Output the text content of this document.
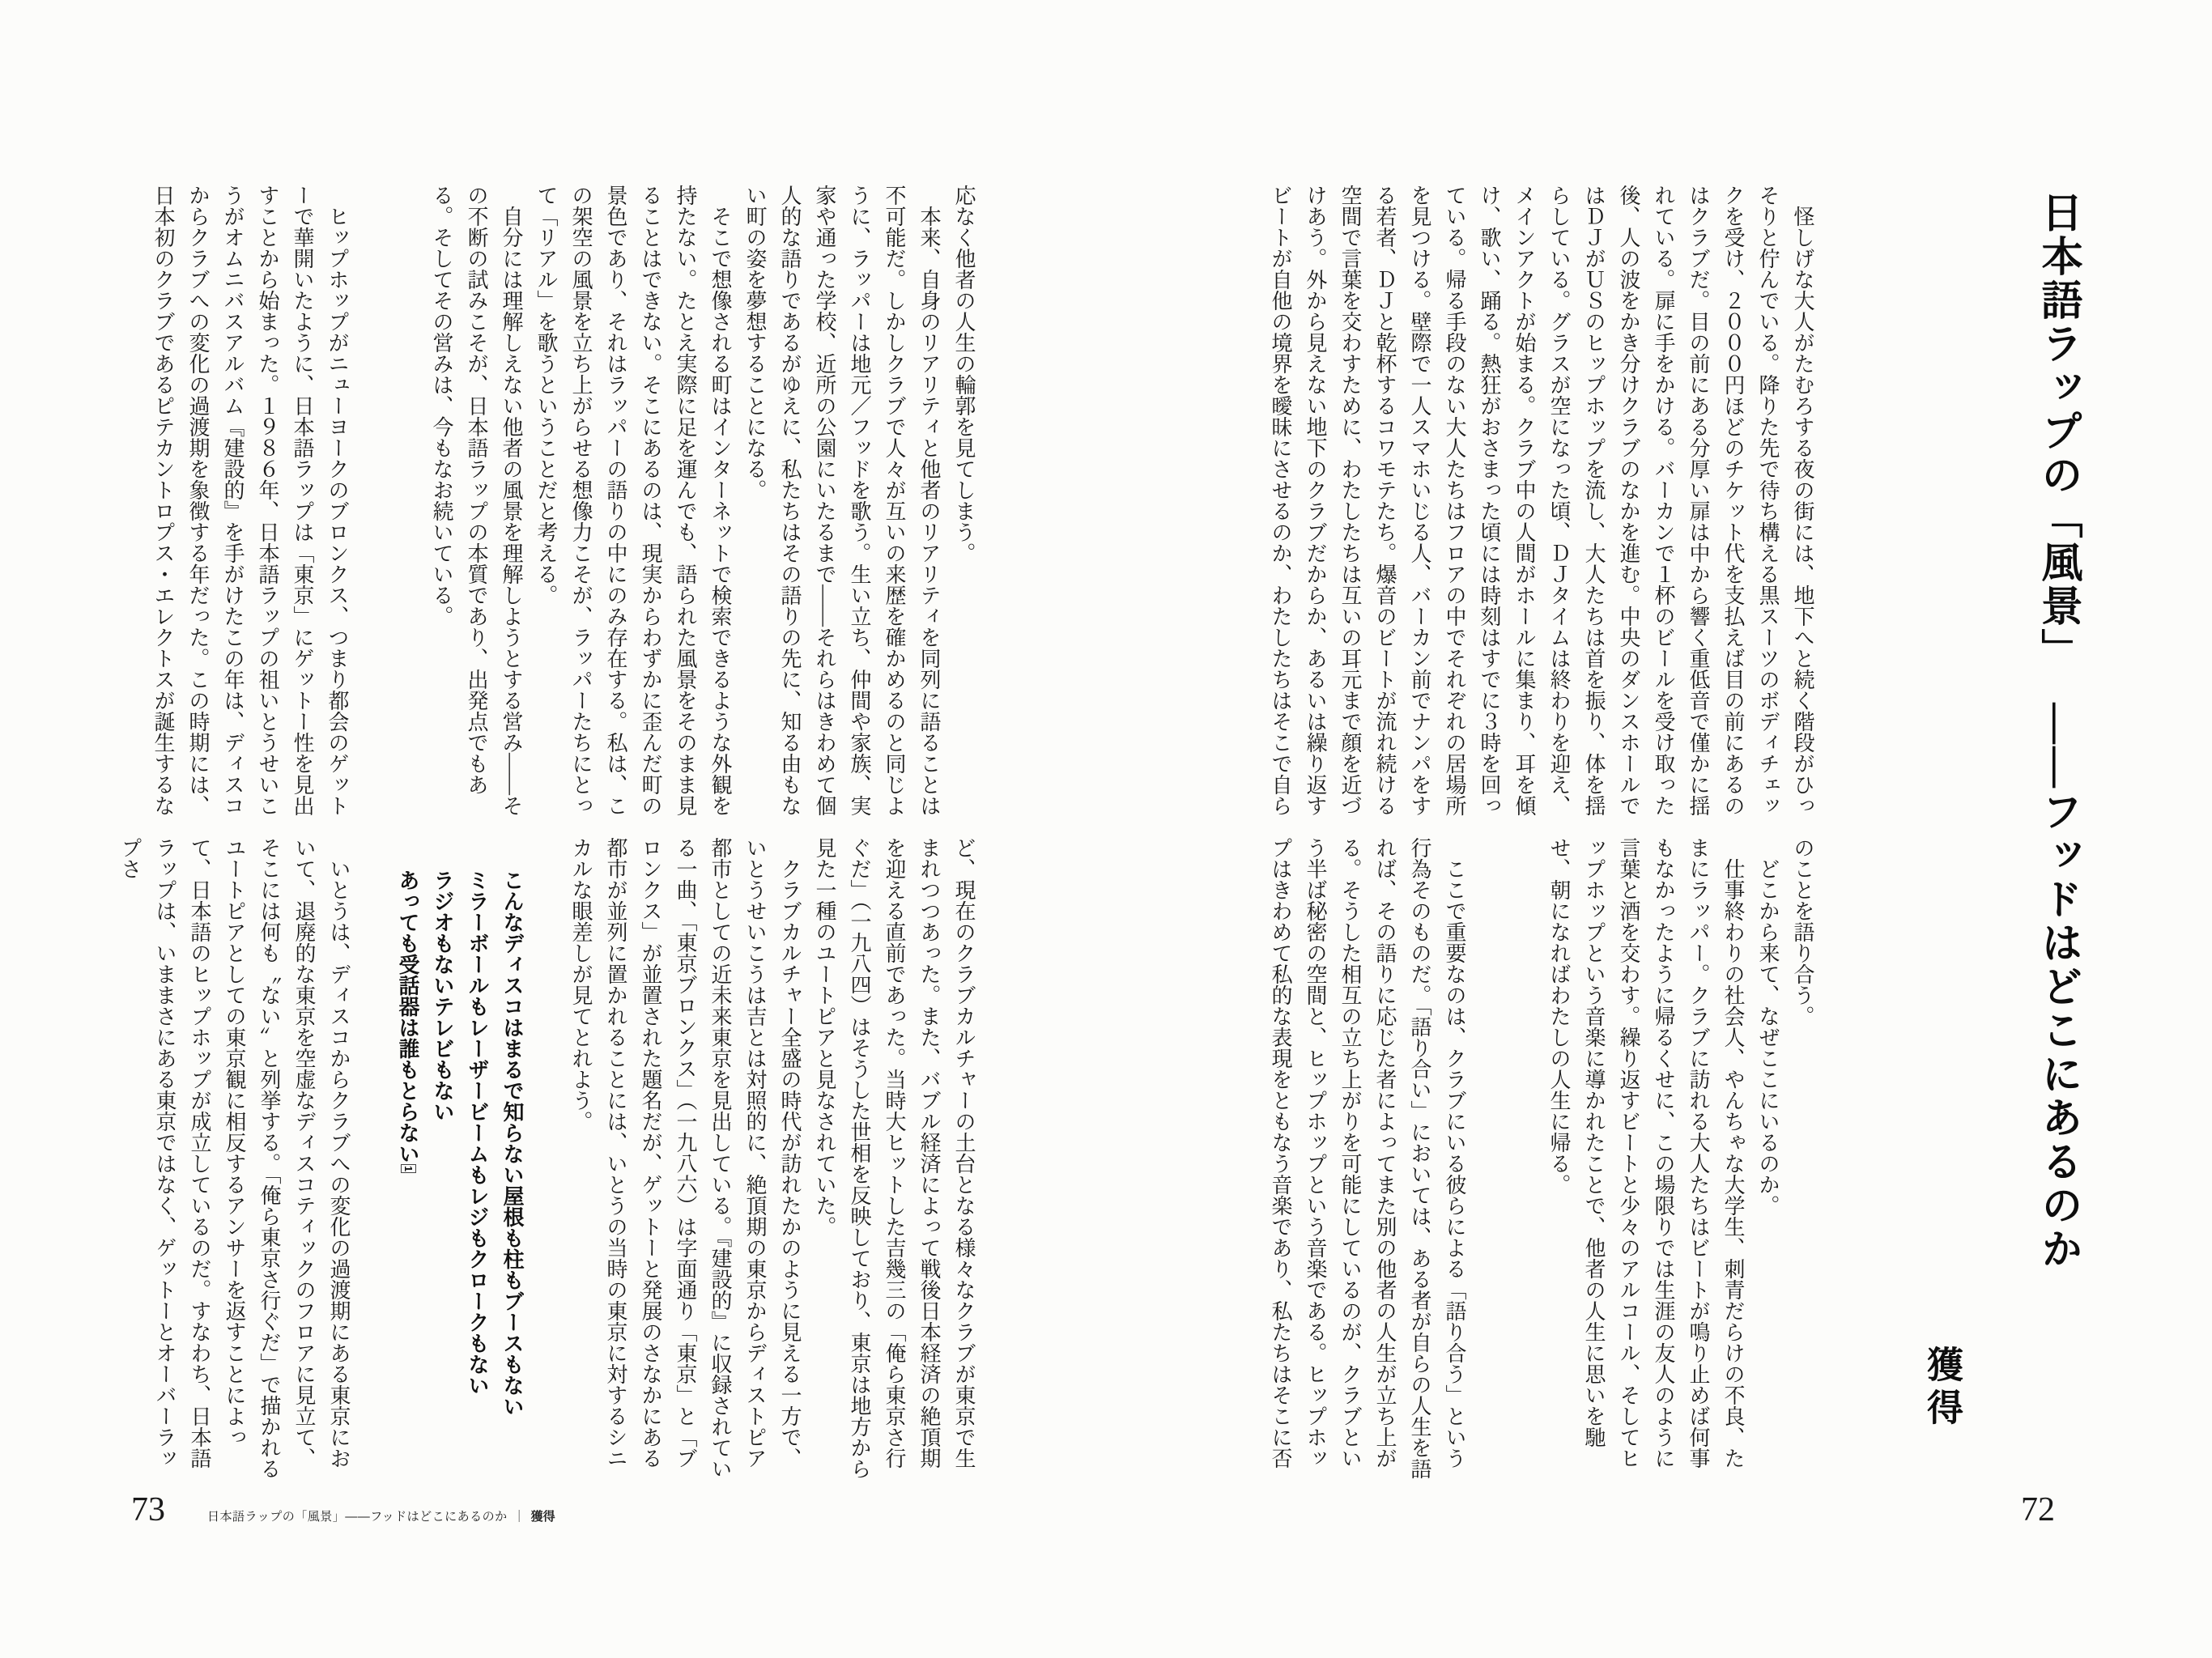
応なく他者の人生の輪郭を見てしまう。

　本来、自身のリアリティと他者のリアリティを同列に語ることは不可能だ。しかしクラブで人々が互いの来歴を確かめるのと同じように、ラッパーは地元／フッドを歌う。生い立ち、仲間や家族、実家や通った学校、近所の公園にいたるまで――それらはきわめて個人的な語りであるがゆえに、私たちはその語りの先に、知る由もない町の姿を夢想することになる。

　そこで想像される町はインターネットで検索できるような外観を持たない。たとえ実際に足を運んでも、語られた風景をそのまま見ることはできない。そこにあるのは、現実からわずかに歪んだ町の景色であり、それはラッパーの語りの中にのみ存在する。私は、この架空の風景を立ち上がらせる想像力こそが、ラッパーたちにとって「リアル」を歌うということだと考える。

　自分には理解しえない他者の風景を理解しようとする営み――その不断の試みこそが、日本語ラップの本質であり、出発点でもある。そしてその営みは、今もなお続いている。

　ヒップホップがニューヨークのブロンクス、つまり都会のゲットーで華開いたように、日本語ラップは「東京」にゲットー性を見出すことから始まった。１９８６年、日本語ラップの祖いとうせいこうがオムニバスアルバム『建設的』を手がけたこの年は、ディスコからクラブへの変化の過渡期を象徴する年だった。この時期には、日本初のクラブであるピテカントロプス・エレクトスが誕生するな

ど、現在のクラブカルチャーの土台となる様々なクラブが東京で生まれつつあった。また、バブル経済によって戦後日本経済の絶頂期を迎える直前であった。当時大ヒットした吉幾三の「俺ら東京さ行ぐだ」（一九八四）はそうした世相を反映しており、東京は地方から見た一種のユートピアと見なされていた。

　クラブカルチャー全盛の時代が訪れたかのように見える一方で、いとうせいこうは吉とは対照的に、絶頂期の東京からディストピア都市としての近未来東京を見出している。『建設的』に収録されている一曲、「東京ブロンクス」（一九八六）は字面通り「東京」と「ブロンクス」が並置された題名だが、ゲットーと発展のさなかにある都市が並列に置かれることには、いとうの当時の東京に対するシニカルな眼差しが見てとれよう。

こんなディスコはまるで知らない屋根も柱もブースもない

ミラーボールもレーザービームもレジもクロークもない

ラジオもないテレビもない

あっても受話器は誰もとらない1

　いとうは、ディスコからクラブへの変化の過渡期にある東京において、退廃的な東京を空虚なディスコティックのフロアに見立て、そこには何も〝ない〟と列挙する。「俺ら東京さ行ぐだ」で描かれるユートピアとしての東京観に相反するアンサーを返すことによって、日本語のヒップホップが成立しているのだ。すなわち、日本語ラップは、いままさにある東京ではなく、ゲットーとオーバーラップさ

73	日本語ラップの「風景」――フッドはどこにあるのか ｜ 獲得

　怪しげな大人がたむろする夜の街には、地下へと続く階段がひっそりと佇んでいる。降りた先で待ち構える黒スーツのボディチェックを受け、２０００円ほどのチケット代を支払えば目の前にあるのはクラブだ。目の前にある分厚い扉は中から響く重低音で僅かに揺れている。扉に手をかける。バーカンで１杯のビールを受け取った後、人の波をかき分けクラブのなかを進む。中央のダンスホールではＤＪがＵＳのヒップホップを流し、大人たちは首を振り、体を揺らしている。グラスが空になった頃、ＤＪタイムは終わりを迎え、メインアクトが始まる。クラブ中の人間がホールに集まり、耳を傾け、歌い、踊る。熱狂がおさまった頃には時刻はすでに３時を回っている。帰る手段のない大人たちはフロアの中でそれぞれの居場所を見つける。壁際で一人スマホいじる人、バーカン前でナンパをする若者、ＤＪと乾杯するコワモテたち。爆音のビートが流れ続ける空間で言葉を交わすために、わたしたちは互いの耳元まで顔を近づけあう。外から見えない地下のクラブだからか、あるいは繰り返すビートが自他の境界を曖昧にさせるのか、わたしたちはそこで自ら

のことを語り合う。

　どこから来て、なぜここにいるのか。

　仕事終わりの社会人、やんちゃな大学生、刺青だらけの不良、たまにラッパー。クラブに訪れる大人たちはビートが鳴り止めば何事もなかったように帰るくせに、この場限りでは生涯の友人のように言葉と酒を交わす。繰り返すビートと少々のアルコール、そしてヒップホップという音楽に導かれたことで、他者の人生に思いを馳せ、朝になればわたしの人生に帰る。

　ここで重要なのは、クラブにいる彼らによる「語り合う」という行為そのものだ。「語り合い」においては、ある者が自らの人生を語れば、その語りに応じた者によってまた別の他者の人生が立ち上がる。そうした相互の立ち上がりを可能にしているのが、クラブという半ば秘密の空間と、ヒップホップという音楽である。ヒップホップはきわめて私的な表現をともなう音楽であり、私たちはそこに否

日本語ラップの「風景」――フッドはどこにあるのか
獲得
72
